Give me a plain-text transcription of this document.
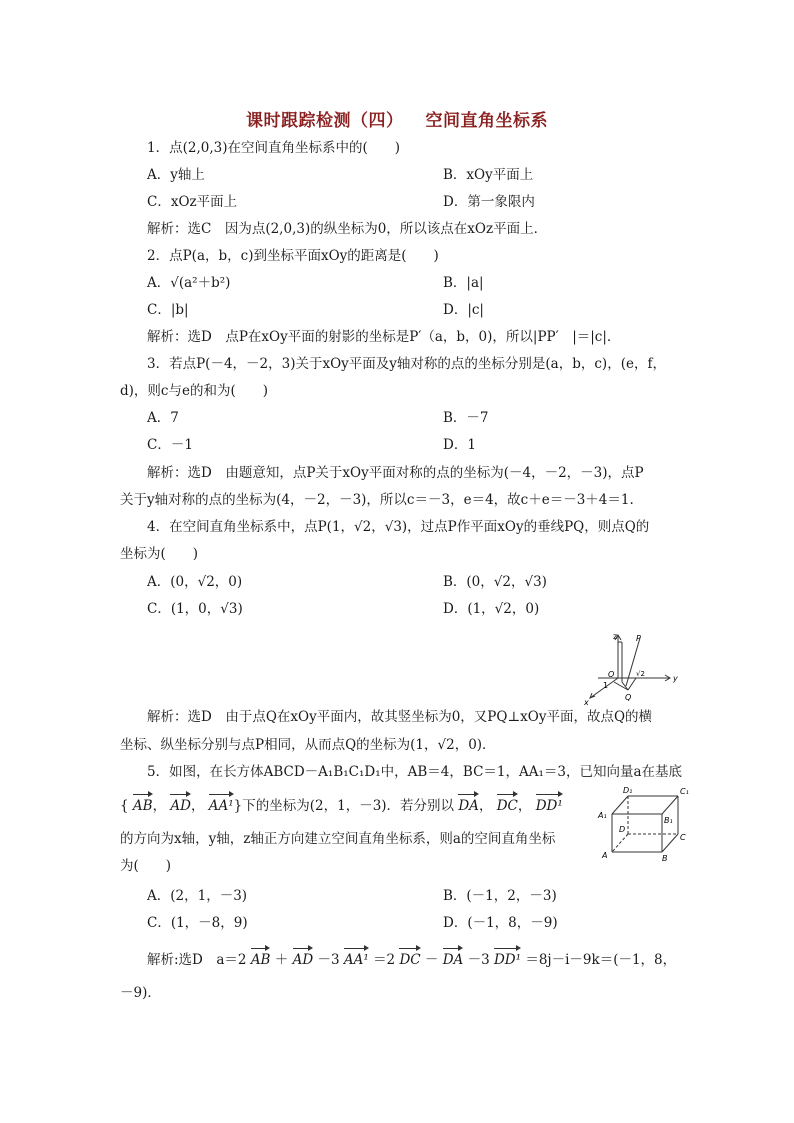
课时跟踪检测（四） 空间直角坐标系
1．点(2,0,3)在空间直角坐标系中的(　　)
A．y轴上	B．xOy平面上
C．xOz平面上	D．第一象限内
解析：选C　因为点(2,0,3)的纵坐标为0，所以该点在xOz平面上．
2．点P(a，b，c)到坐标平面xOy的距离是(　　)
A．√(a²＋b²)	B．|a|
C．|b|	D．|c|
解析：选D　点P在xOy平面的射影的坐标是P′（a，b，0)，所以|PP′　|＝|c|．
3．若点P(－4，－2，3)关于xOy平面及y轴对称的点的坐标分别是(a，b，c)，(e，f，
d)，则c与e的和为(　　)
A．7	B．－7
C．－1	D．1
解析：选D　由题意知，点P关于xOy平面对称的点的坐标为(－4，－2，－3)，点P
关于y轴对称的点的坐标为(4，－2，－3)，所以c＝－3，e＝4，故c＋e＝－3＋4＝1.
4．在空间直角坐标系中，点P(1，√2，√3)，过点P作平面xOy的垂线PQ，则点Q的
坐标为(　　)
A．(0，√2，0)	B．(0，√2，√3)
C．(1，0，√3)	D．(1，√2，0)
z P
O
1
√2
Q
y
x
解析：选D　由于点Q在xOy平面内，故其竖坐标为0，又PQ⊥xOy平面，故点Q的横
坐标、纵坐标分别与点P相同，从而点Q的坐标为(1，√2，0)．
5．如图，在长方体ABCD－A₁B₁C₁D₁中，AB＝4，BC＝1，AA₁＝3，已知向量a在基底
{ AB， AD， AA¹}下的坐标为(2，1，－3)．若分别以 DA， DC， DD¹
的方向为x轴，y轴，z轴正方向建立空间直角坐标系，则a的空间直角坐标
为(　　)
D₁	C₁
A₁
B₁
D
C
A	B
A．(2，1，－3)	B．(－1，2，－3)
C．(1，－8，9)	D．(－1，8，－9)
解析:选D　a＝2 AB ＋ AD －3 AA¹ ＝2 DC － DA －3 DD¹ ＝8j－i－9k＝(－1，8，
－9)．
